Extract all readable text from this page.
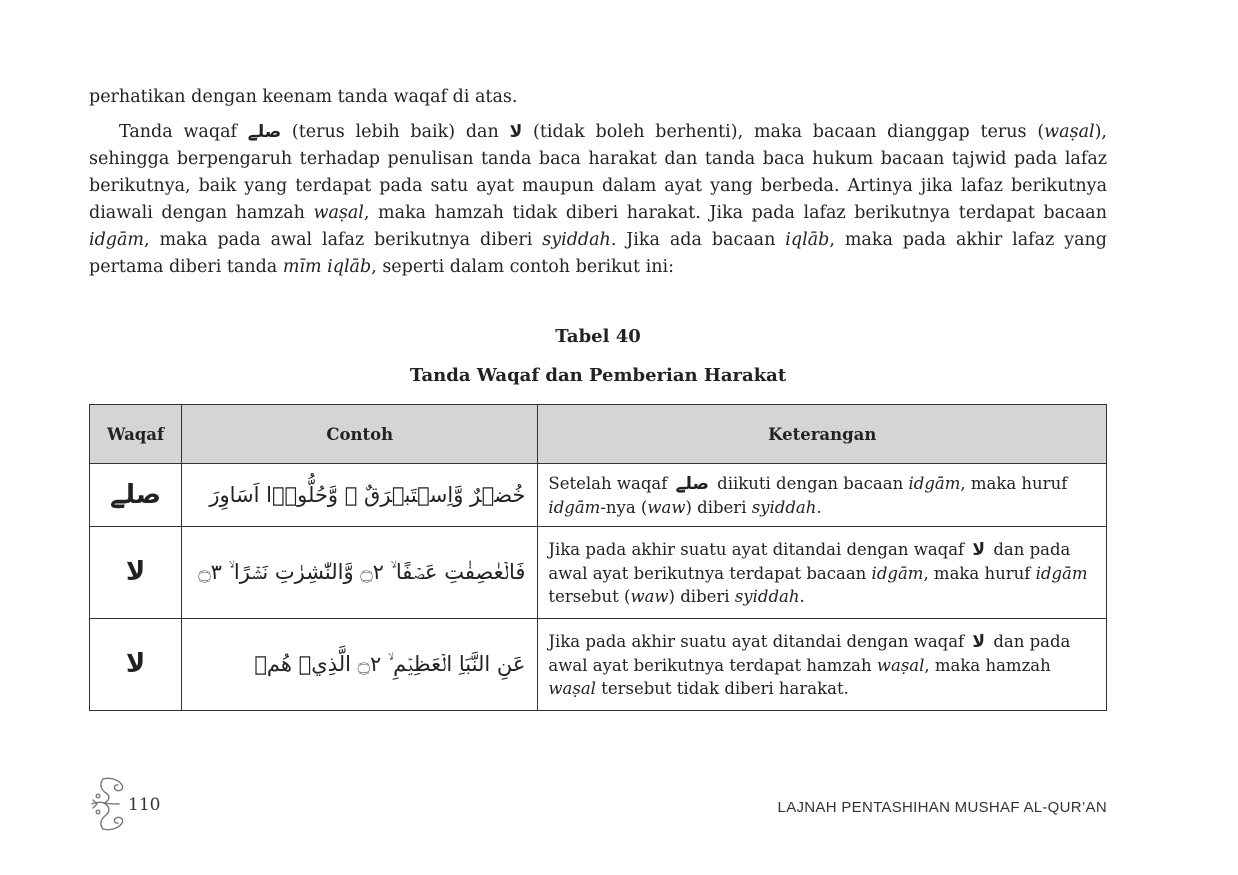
perhatikan dengan keenam tanda waqaf di atas.

Tanda waqaf صلے (terus lebih baik) dan لا (tidak boleh berhenti), maka bacaan dianggap terus (waṣal), sehingga berpengaruh terhadap penulisan tanda baca harakat dan tanda baca hukum bacaan tajwid pada lafaz berikutnya, baik yang terdapat pada satu ayat maupun dalam ayat yang berbeda. Artinya jika lafaz berikutnya diawali dengan hamzah waṣal, maka hamzah tidak diberi harakat. Jika pada lafaz berikutnya terdapat bacaan idgām, maka pada awal lafaz berikutnya diberi syiddah. Jika ada bacaan iqlāb, maka pada akhir lafaz yang pertama diberi tanda mīm iqlāb, seperti dalam contoh berikut ini:

Tabel 40

Tanda Waqaf dan Pemberian Harakat

Waqaf	Contoh	Keterangan
صلے	خُضۡرٌ وَّاِسۡتَبۡرَقٌ ۘ وَّحُلُّوۡۤا اَسَاوِرَ	Setelah waqaf صلے diikuti dengan bacaan idgām, maka huruf idgām-nya (waw) diberi syiddah.
لا	فَالۡعٰصِفٰتِ عَصۡفًا ۙ ۝٢ وَّالنّٰشِرٰتِ نَشۡرًا ۙ ۝٣	Jika pada akhir suatu ayat ditandai dengan waqaf لا dan pada awal ayat berikutnya terdapat bacaan idgām, maka huruf idgām tersebut (waw) diberi syiddah.
لا	عَنِ النَّبَاِ الۡعَظِيۡمِ ۙ ۝٢ الَّذِيۡ هُمۡ	Jika pada akhir suatu ayat ditandai dengan waqaf لا dan pada awal ayat berikutnya terdapat hamzah waṣal, maka hamzah waṣal tersebut tidak diberi harakat.
110	LAJNAH PENTASHIHAN MUSHAF AL-QUR’AN
